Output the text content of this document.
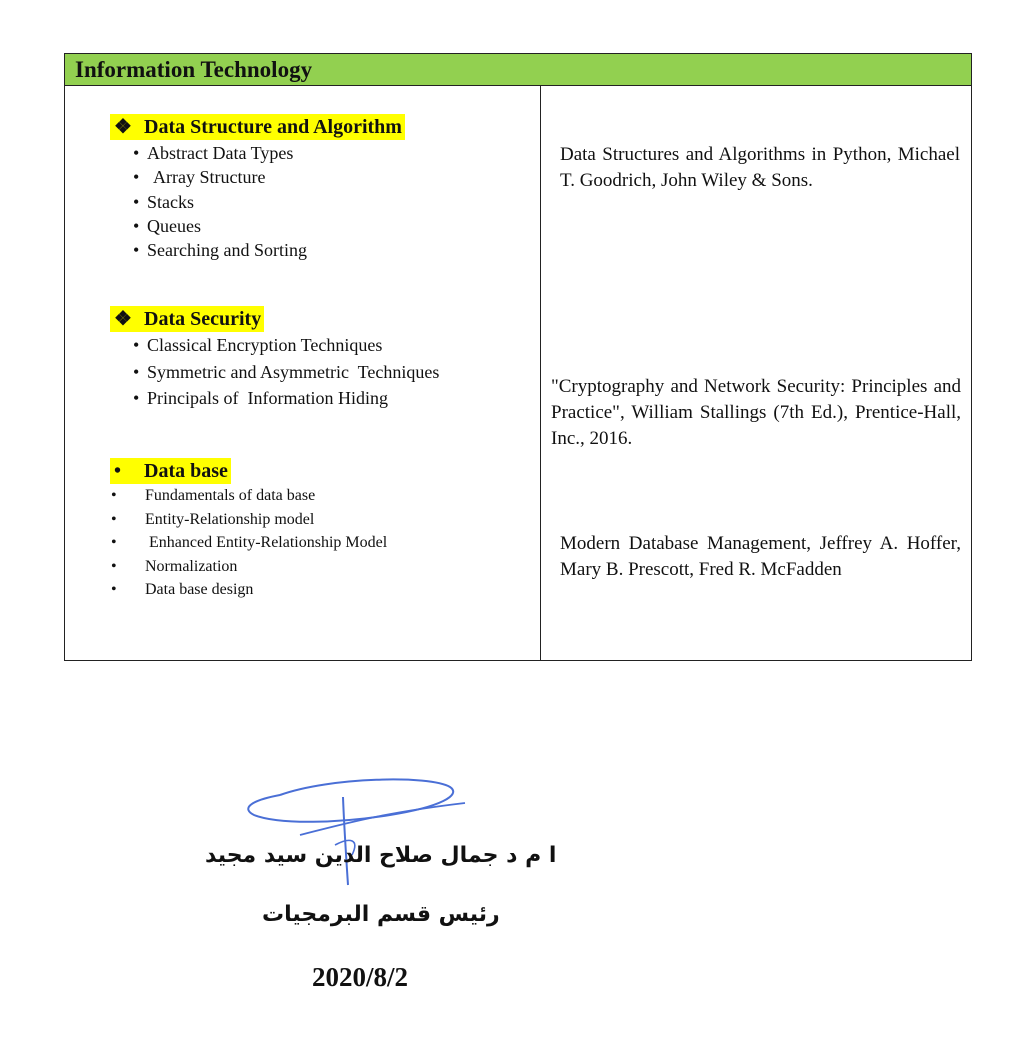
Information Technology
❖ Data Structure and Algorithm
• Abstract Data Types
• Array Structure
• Stacks
• Queues
• Searching and Sorting
❖ Data Security
• Classical Encryption Techniques
• Symmetric and Asymmetric  Techniques
• Principals of  Information Hiding
• Data base
• Fundamentals of data base
• Entity-Relationship model
•  Enhanced Entity-Relationship Model
• Normalization
• Data base design
Data Structures and Algorithms in Python, Michael T. Goodrich, John Wiley & Sons.
"Cryptography and Network Security: Principles and Practice", William Stallings (7th Ed.), Prentice-Hall, Inc., 2016.
Modern Database Management, Jeffrey A. Hoffer, Mary B. Prescott, Fred R. McFadden
ا م د جمال صلاح الدين سيد مجيد
رئيس قسم البرمجيات
2020/8/2
